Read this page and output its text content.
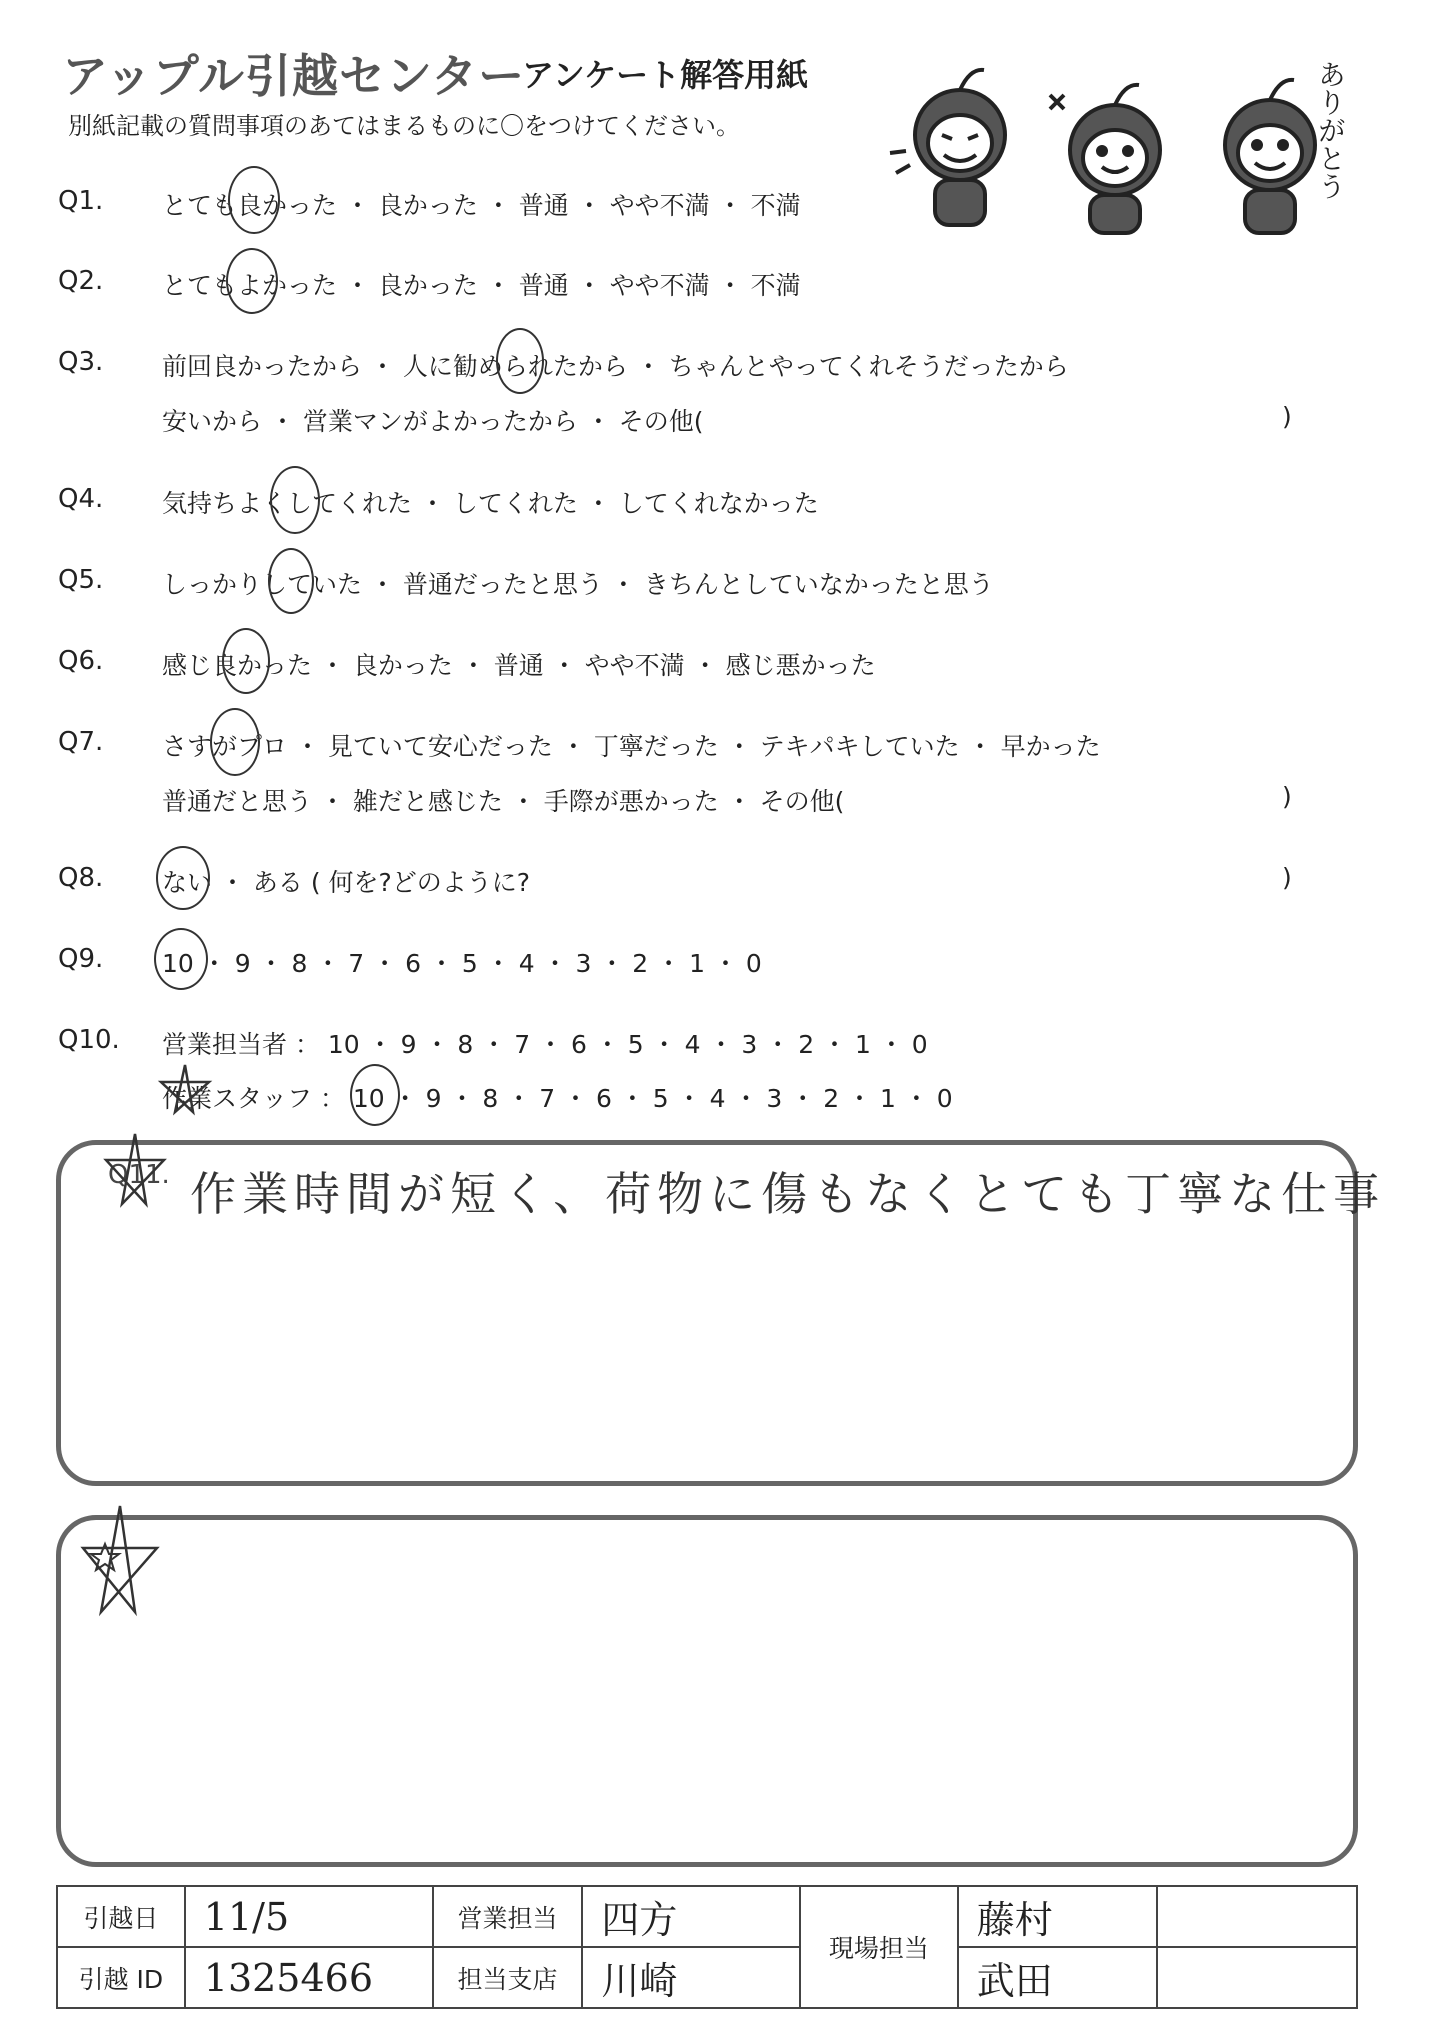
アップル引越センター
アンケート解答用紙
別紙記載の質問事項のあてはまるものに〇をつけてください。	ありがとう
Q1. とても良かった ・ 良かった ・ 普通 ・ やや不満 ・ 不満
Q2. とてもよかった ・ 良かった ・ 普通 ・ やや不満 ・ 不満
Q3. 前回良かったから ・ 人に勧められたから ・ ちゃんとやってくれそうだったから
安いから ・ 営業マンがよかったから ・ その他(	)
Q4. 気持ちよくしてくれた ・ してくれた ・ してくれなかった
Q5. しっかりしていた ・ 普通だったと思う ・ きちんとしていなかったと思う
Q6. 感じ良かった ・ 良かった ・ 普通 ・ やや不満 ・ 感じ悪かった
Q7. さすがプロ ・ 見ていて安心だった ・ 丁寧だった ・ テキパキしていた ・ 早かった
普通だと思う ・ 雑だと感じた ・ 手際が悪かった ・ その他(	)
Q8. ない ・ ある ( 何を?どのように?	)
Q9. 10 ・ 9 ・ 8 ・ 7 ・ 6 ・ 5 ・ 4 ・ 3 ・ 2 ・ 1 ・ 0
Q10. 営業担当者 ： 10 ・ 9 ・ 8 ・ 7 ・ 6 ・ 5 ・ 4 ・ 3 ・ 2 ・ 1 ・ 0
作業スタッフ ： 10 ・ 9 ・ 8 ・ 7 ・ 6 ・ 5 ・ 4 ・ 3 ・ 2 ・ 1 ・ 0
Q11. 作業時間が短く、荷物に傷もなくとても丁寧な仕事
引越日	11/5	営業担当	四方	現場担当	藤村	
引越 ID	1325466	担当支店	川崎		武田	
